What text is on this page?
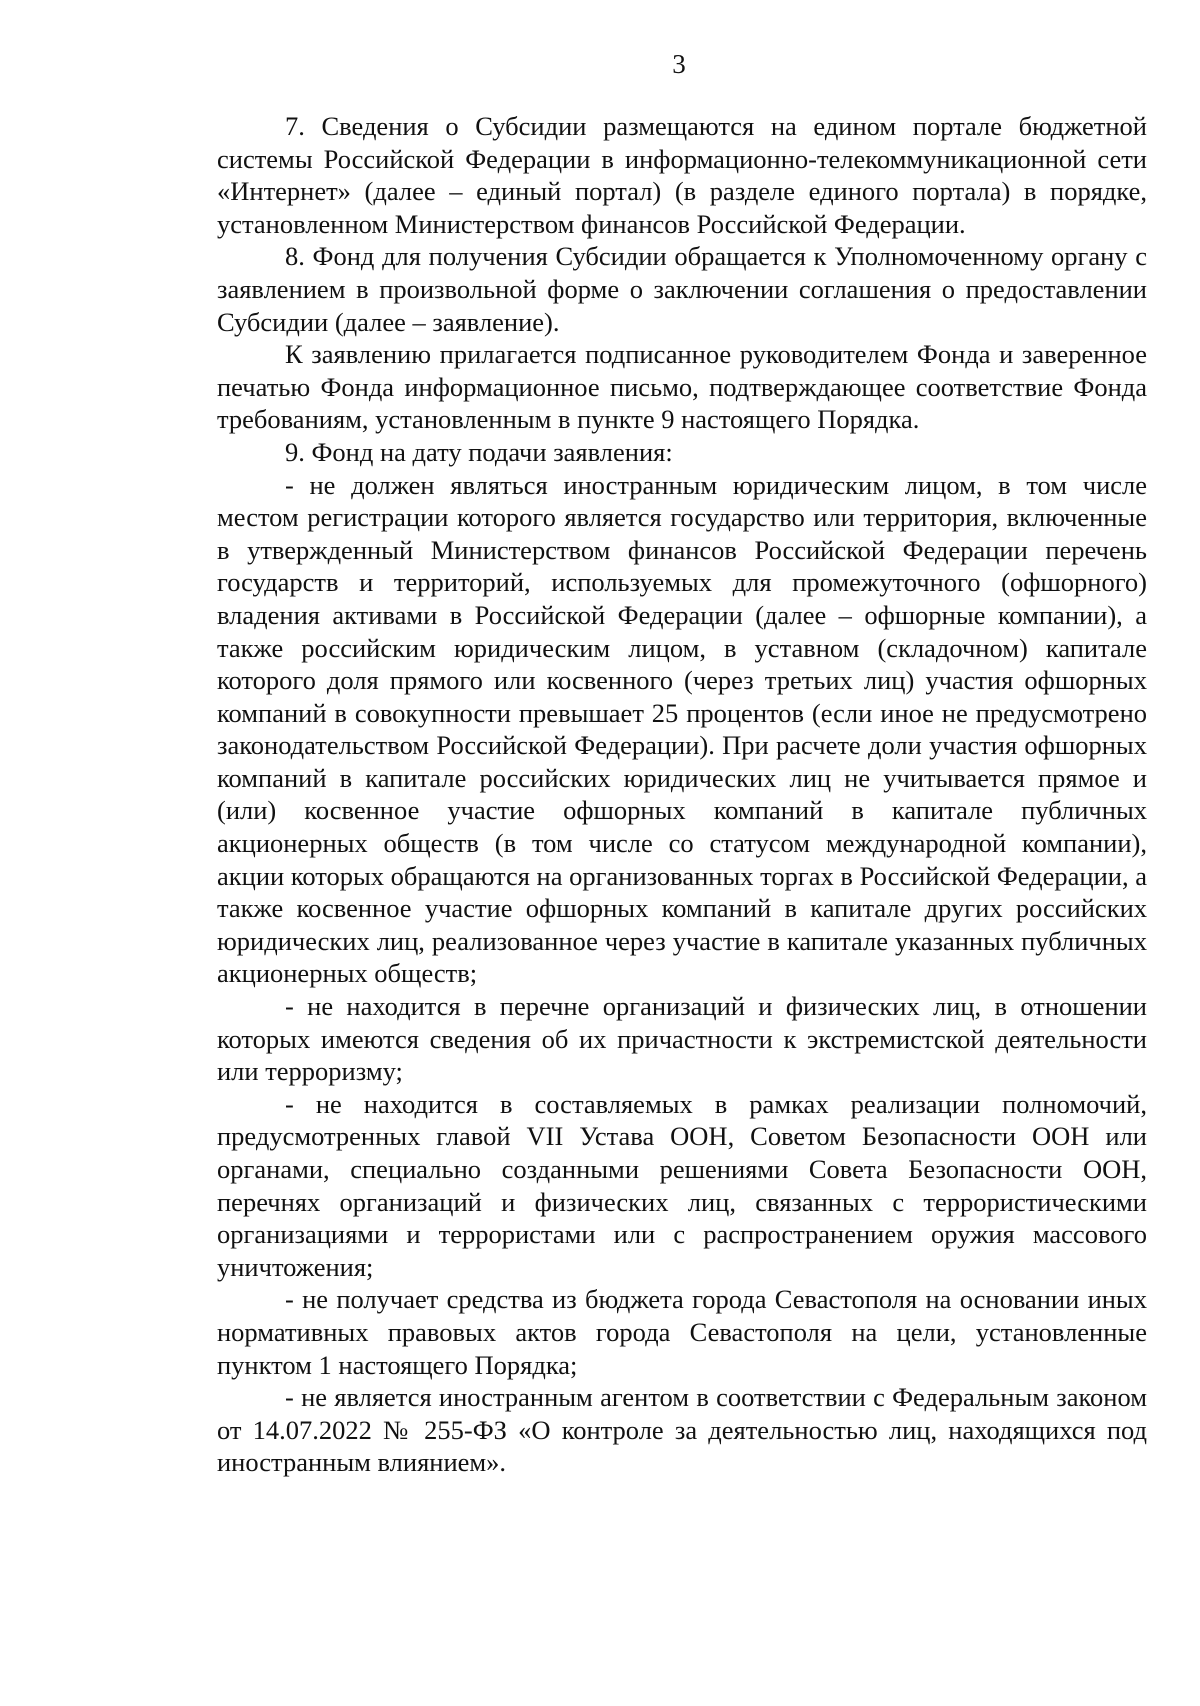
3

7. Сведения о Субсидии размещаются на едином портале бюджетной системы Российской Федерации в информационно-телекоммуникационной сети «Интернет» (далее – единый портал) (в разделе единого портала) в порядке, установленном Министерством финансов Российской Федерации.

8. Фонд для получения Субсидии обращается к Уполномоченному органу с заявлением в произвольной форме о заключении соглашения о предоставлении Субсидии (далее – заявление).

К заявлению прилагается подписанное руководителем Фонда и заверенное печатью Фонда информационное письмо, подтверждающее соответствие Фонда требованиям, установленным в пункте 9 настоящего Порядка.

9. Фонд на дату подачи заявления:

- не должен являться иностранным юридическим лицом, в том числе местом регистрации которого является государство или территория, включенные в утвержденный Министерством финансов Российской Федерации перечень государств и территорий, используемых для промежуточного (офшорного) владения активами в Российской Федерации (далее – офшорные компании), а также российским юридическим лицом, в уставном (складочном) капитале которого доля прямого или косвенного (через третьих лиц) участия офшорных компаний в совокупности превышает 25 процентов (если иное не предусмотрено законодательством Российской Федерации). При расчете доли участия офшорных компаний в капитале российских юридических лиц не учитывается прямое и (или) косвенное участие офшорных компаний в капитале публичных акционерных обществ (в том числе со статусом международной компании), акции которых обращаются на организованных торгах в Российской Федерации, а также косвенное участие офшорных компаний в капитале других российских юридических лиц, реализованное через участие в капитале указанных публичных акционерных обществ;

- не находится в перечне организаций и физических лиц, в отношении которых имеются сведения об их причастности к экстремистской деятельности или терроризму;

- не находится в составляемых в рамках реализации полномочий, предусмотренных главой VII Устава ООН, Советом Безопасности ООН или органами, специально созданными решениями Совета Безопасности ООН, перечнях организаций и физических лиц, связанных с террористическими организациями и террористами или с распространением оружия массового уничтожения;

- не получает средства из бюджета города Севастополя на основании иных нормативных правовых актов города Севастополя на цели, установленные пунктом 1 настоящего Порядка;

- не является иностранным агентом в соответствии с Федеральным законом от 14.07.2022 № 255-ФЗ «О контроле за деятельностью лиц, находящихся под иностранным влиянием».
